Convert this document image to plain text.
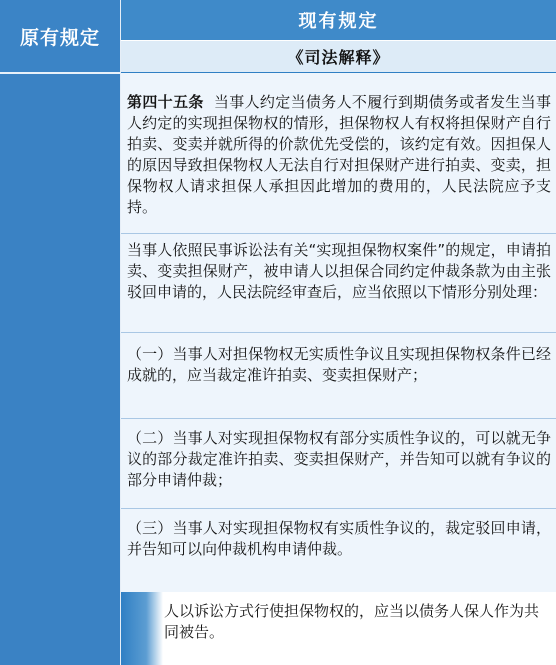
原有规定
现有规定
《司法解释》
第四十五条 当事人约定当债务人不履行到期债务或者发生当事人约定的实现担保物权的情形，担保物权人有权将担保财产自行拍卖、变卖并就所得的价款优先受偿的，该约定有效。因担保人的原因导致担保物权人无法自行对担保财产进行拍卖、变卖，担保物权人请求担保人承担因此增加的费用的，人民法院应予支持。
当事人依照民事诉讼法有关“实现担保物权案件”的规定，申请拍卖、变卖担保财产，被申请人以担保合同约定仲裁条款为由主张驳回申请的，人民法院经审查后，应当依照以下情形分别处理：
（一）当事人对担保物权无实质性争议且实现担保物权条件已经成就的，应当裁定准许拍卖、变卖担保财产；
（二）当事人对实现担保物权有部分实质性争议的，可以就无争议的部分裁定准许拍卖、变卖担保财产，并告知可以就有争议的部分申请仲裁；
（三）当事人对实现担保物权有实质性争议的，裁定驳回申请，并告知可以向仲裁机构申请仲裁。
人以诉讼方式行使担保物权的，应当以债务人保人作为共同被告。
